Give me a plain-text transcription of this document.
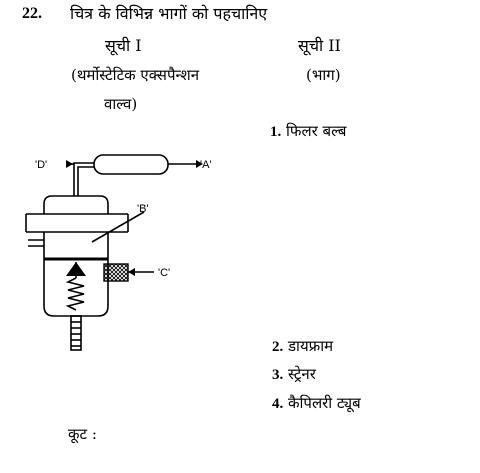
22. चित्र के विभिन्न भागों को पहचानिए
सूची I	सूची II
(थर्मोस्टेटिक एक्सपैन्शन
वाल्व)
(भाग)
1. फिलर बल्ब
2. डायफ्राम
3. स्ट्रेनर
4. कैपिलरी ट्यूब
कूट :
'D'	'A'
'B'
'C'
